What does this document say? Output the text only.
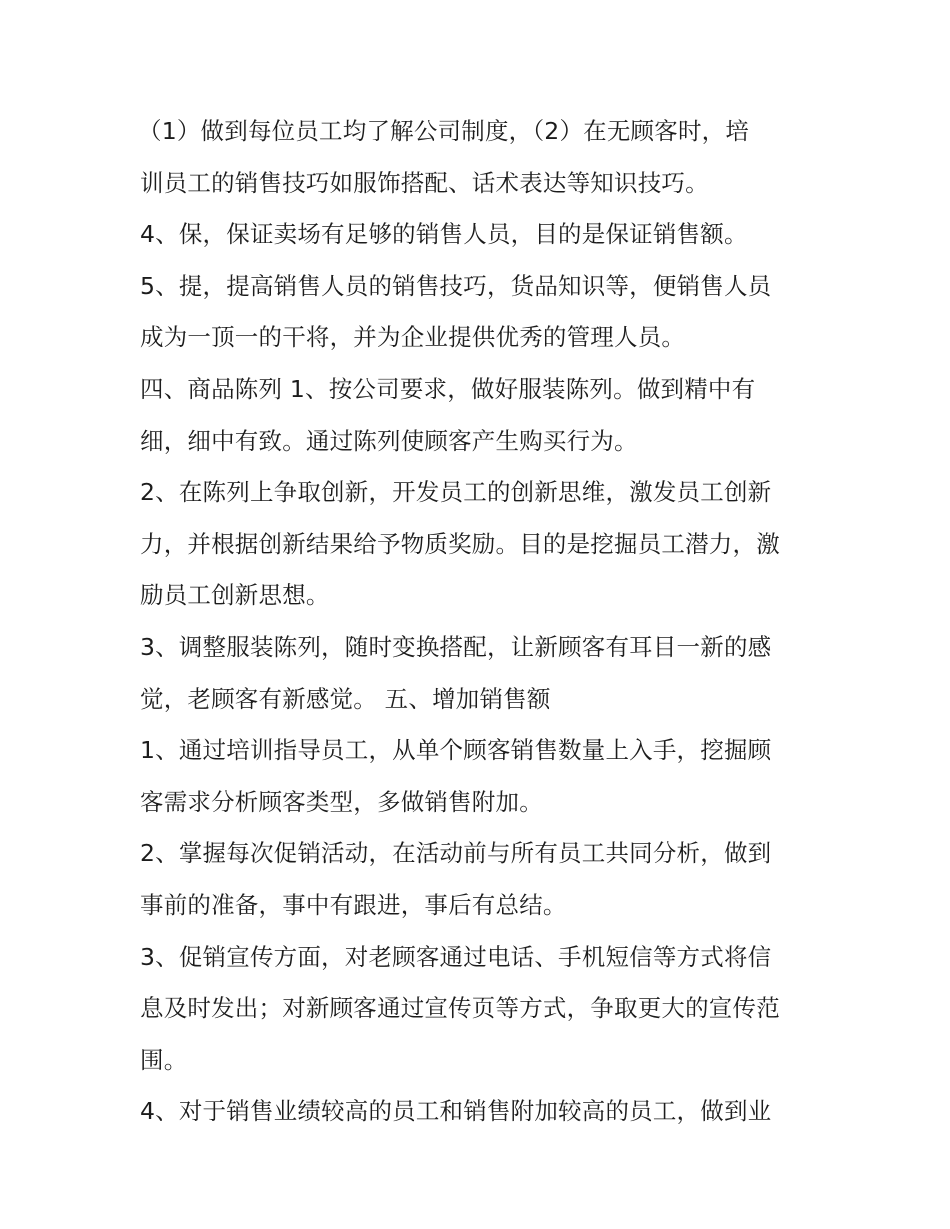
（1）做到每位员工均了解公司制度，（2）在无顾客时，培
训员工的销售技巧如服饰搭配、话术表达等知识技巧。
4、保，保证卖场有足够的销售人员，目的是保证销售额。
5、提，提高销售人员的销售技巧，货品知识等，便销售人员
成为一顶一的干将，并为企业提供优秀的管理人员。
四、商品陈列 1、按公司要求，做好服装陈列。做到精中有
细，细中有致。通过陈列使顾客产生购买行为。
2、在陈列上争取创新，开发员工的创新思维，激发员工创新
力，并根据创新结果给予物质奖励。目的是挖掘员工潜力，激
励员工创新思想。
3、调整服装陈列，随时变换搭配，让新顾客有耳目一新的感
觉，老顾客有新感觉。 五、增加销售额
1、通过培训指导员工，从单个顾客销售数量上入手，挖掘顾
客需求分析顾客类型，多做销售附加。
2、掌握每次促销活动，在活动前与所有员工共同分析，做到
事前的准备，事中有跟进，事后有总结。
3、促销宣传方面，对老顾客通过电话、手机短信等方式将信
息及时发出；对新顾客通过宣传页等方式，争取更大的宣传范
围。
4、对于销售业绩较高的员工和销售附加较高的员工，做到业
